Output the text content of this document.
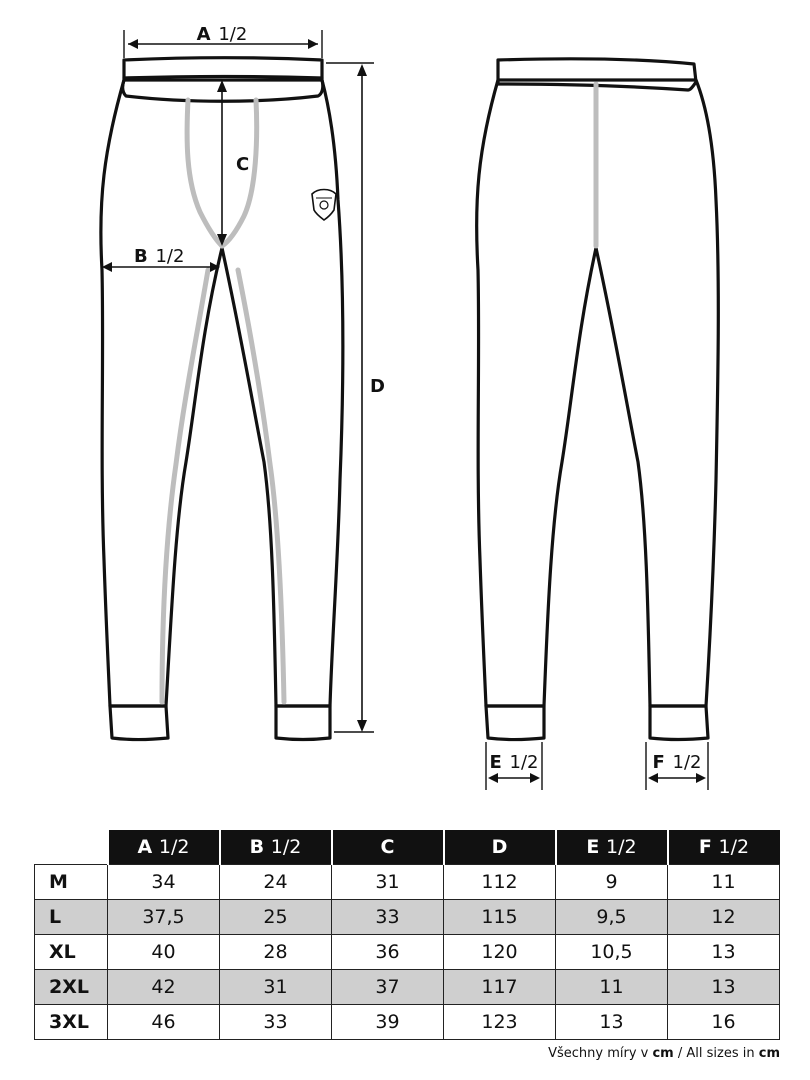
A 1/2
C
B 1/2
D
E 1/2	F 1/2
	A 1/2	B 1/2	C	D	E 1/2	F 1/2
M	34	24	31	112	9	11
L	37,5	25	33	115	9,5	12
XL	40	28	36	120	10,5	13
2XL	42	31	37	117	11	13
3XL	46	33	39	123	13	16
Všechny míry v cm / All sizes in cm
